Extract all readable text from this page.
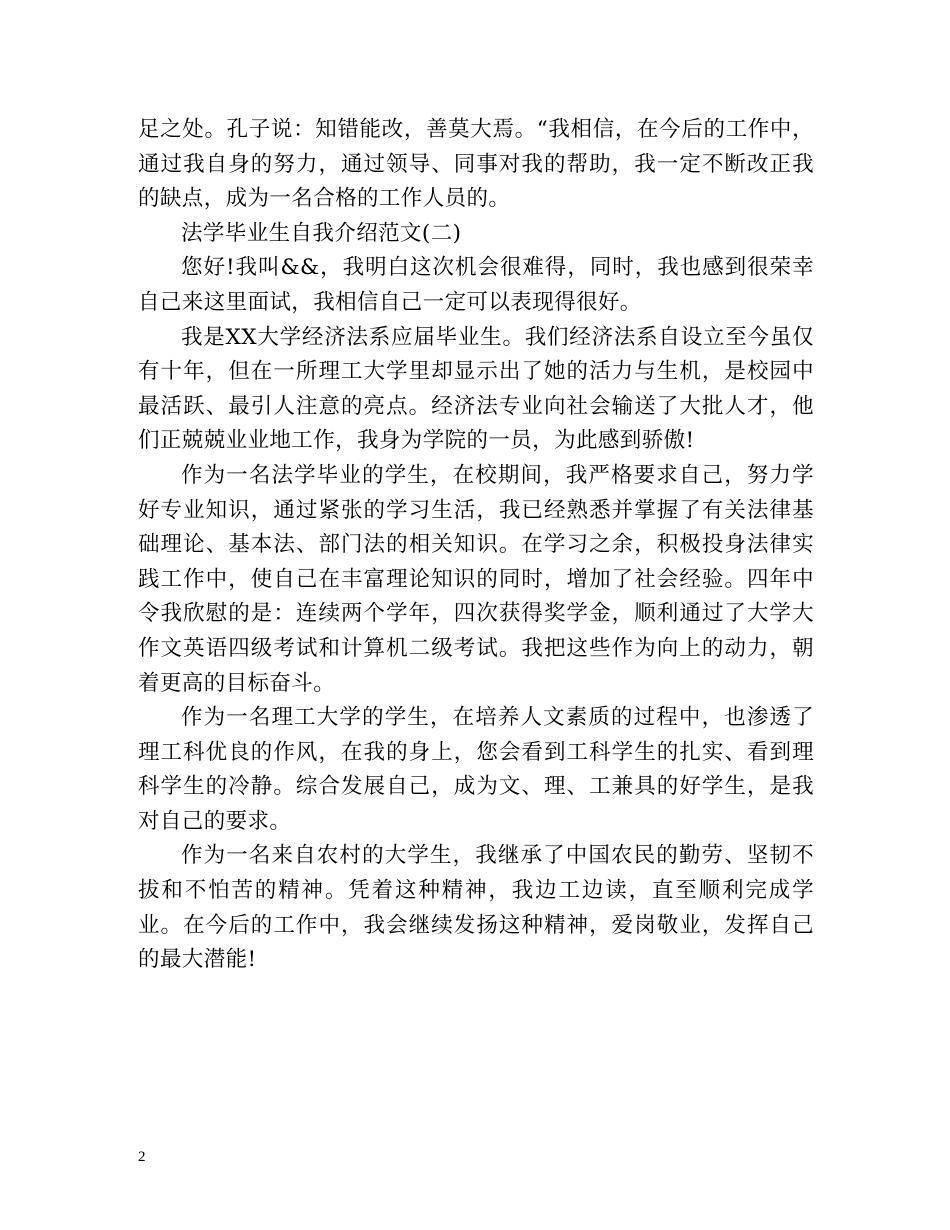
足之处。孔子说：知错能改，善莫大焉。“我相信，在今后的工作中，通过我自身的努力，通过领导、同事对我的帮助，我一定不断改正我的缺点，成为一名合格的工作人员的。

法学毕业生自我介绍范文(二)

您好!我叫&&，我明白这次机会很难得，同时，我也感到很荣幸自己来这里面试，我相信自己一定可以表现得很好。

我是XX大学经济法系应届毕业生。我们经济法系自设立至今虽仅有十年，但在一所理工大学里却显示出了她的活力与生机，是校园中最活跃、最引人注意的亮点。经济法专业向社会输送了大批人才，他们正兢兢业业地工作，我身为学院的一员，为此感到骄傲!

作为一名法学毕业的学生，在校期间，我严格要求自己，努力学好专业知识，通过紧张的学习生活，我已经熟悉并掌握了有关法律基础理论、基本法、部门法的相关知识。在学习之余，积极投身法律实践工作中，使自己在丰富理论知识的同时，增加了社会经验。四年中令我欣慰的是：连续两个学年，四次获得奖学金，顺利通过了大学大作文英语四级考试和计算机二级考试。我把这些作为向上的动力，朝着更高的目标奋斗。

作为一名理工大学的学生，在培养人文素质的过程中，也渗透了理工科优良的作风，在我的身上，您会看到工科学生的扎实、看到理科学生的冷静。综合发展自己，成为文、理、工兼具的好学生，是我对自己的要求。

作为一名来自农村的大学生，我继承了中国农民的勤劳、坚韧不拔和不怕苦的精神。凭着这种精神，我边工边读，直至顺利完成学业。在今后的工作中，我会继续发扬这种精神，爱岗敬业，发挥自己的最大潜能!

2
